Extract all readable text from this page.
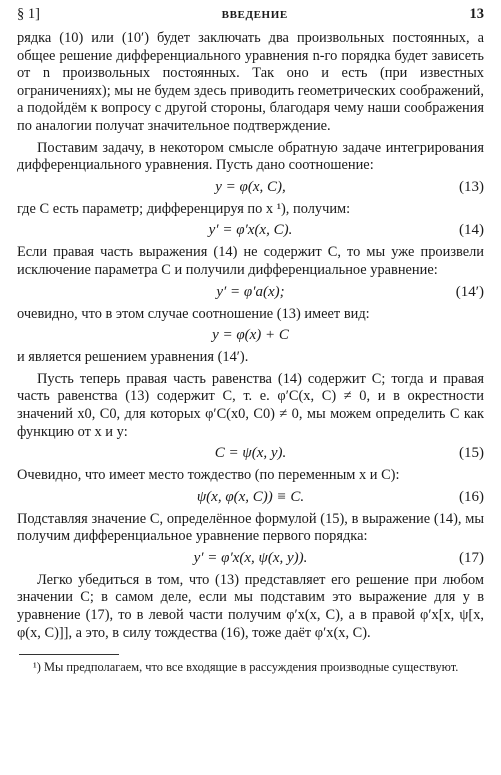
§ 1]	ВВЕДЕНИЕ	13

рядка (10) или (10′) будет заключать два произвольных постоянных, а общее решение дифференциального уравнения n-го порядка будет зависеть от n произвольных постоянных. Так оно и есть (при известных ограничениях); мы не будем здесь приводить геометрических соображений, а подойдём к вопросу с другой стороны, благодаря чему наши соображения по аналогии получат значительное подтверждение.

Поставим задачу, в некотором смысле обратную задаче интегрирования дифференциального уравнения. Пусть дано соотношение:

y = φ(x, C),	(13)

где C есть параметр; дифференцируя по x ¹), получим:

y′ = φ′x(x, C).	(14)

Если правая часть выражения (14) не содержит C, то мы уже произвели исключение параметра C и получили дифференциальное уравнение:

y′ = φ′a(x);	(14′)

очевидно, что в этом случае соотношение (13) имеет вид:

y = φ(x) + C

и является решением уравнения (14′).

Пусть теперь правая часть равенства (14) содержит C; тогда и правая часть равенства (13) содержит C, т. е. φ′C(x, C) ≠ 0, и в окрестности значений x0, C0, для которых φ′C(x0, C0) ≠ 0, мы можем определить C как функцию от x и y:

C = ψ(x, y).	(15)

Очевидно, что имеет место тождество (по переменным x и C):

ψ(x, φ(x, C)) ≡ C.	(16)

Подставляя значение C, определённое формулой (15), в выражение (14), мы получим дифференциальное уравнение первого порядка:

y′ = φ′x(x, ψ(x, y)).	(17)

Легко убедиться в том, что (13) представляет его решение при любом значении C; в самом деле, если мы подставим это выражение для y в уравнение (17), то в левой части получим φ′x(x, C), а в правой φ′x[x, ψ[x, φ(x, C)]], а это, в силу тождества (16), тоже даёт φ′x(x, C).

¹) Мы предполагаем, что все входящие в рассуждения производные существуют.
